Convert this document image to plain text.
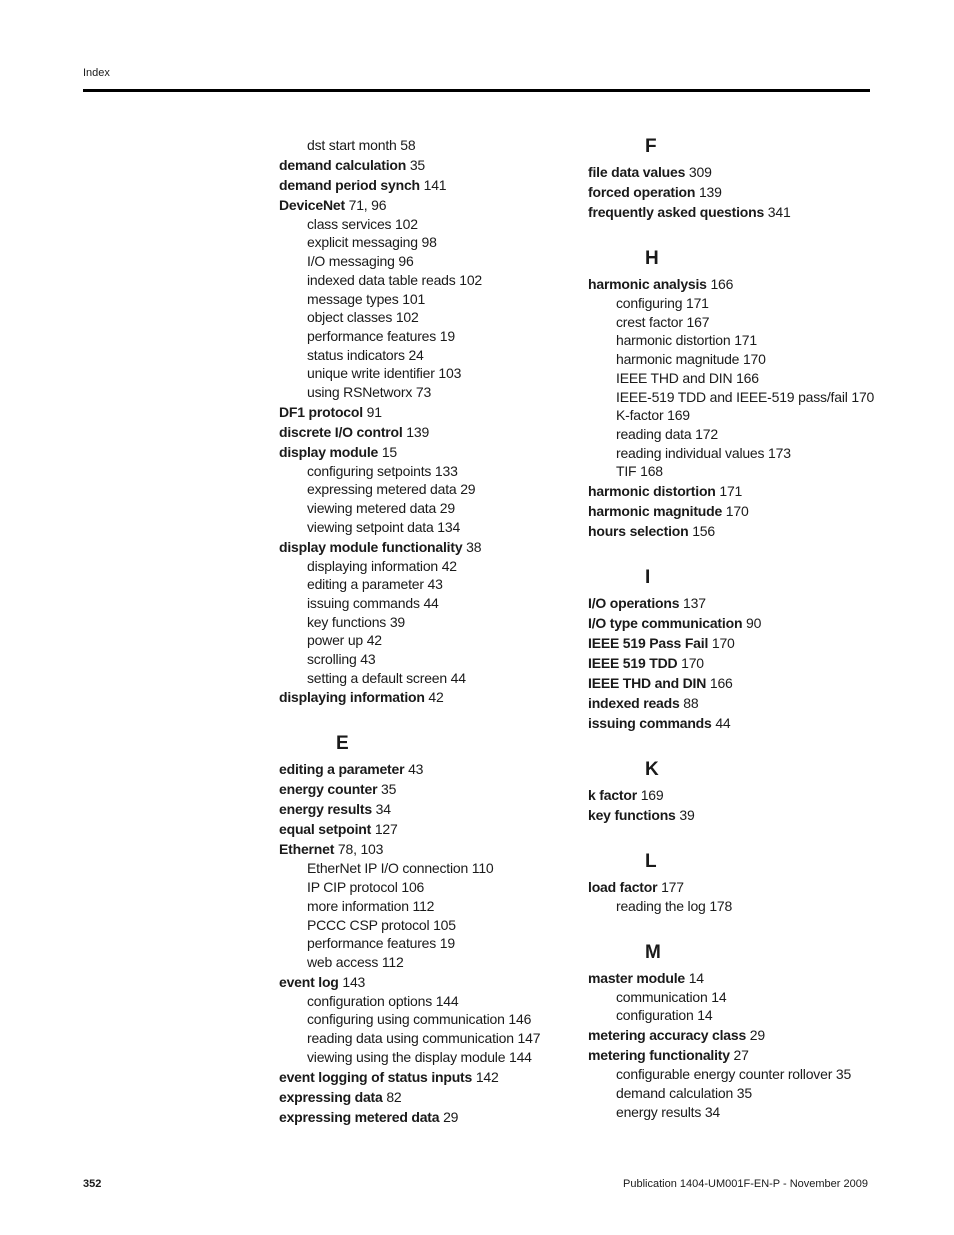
Index
dst start month 58
demand calculation 35
demand period synch 141
DeviceNet 71, 96
class services 102
explicit messaging 98
I/O messaging 96
indexed data table reads 102
message types 101
object classes 102
performance features 19
status indicators 24
unique write identifier 103
using RSNetworx 73
DF1 protocol 91
discrete I/O control 139
display module 15
configuring setpoints 133
expressing metered data 29
viewing metered data 29
viewing setpoint data 134
display module functionality 38
displaying information 42
editing a parameter 43
issuing commands 44
key functions 39
power up 42
scrolling 43
setting a default screen 44
displaying information 42
E
editing a parameter 43
energy counter 35
energy results 34
equal setpoint 127
Ethernet 78, 103
EtherNet IP I/O connection 110
IP CIP protocol 106
more information 112
PCCC CSP protocol 105
performance features 19
web access 112
event log 143
configuration options 144
configuring using communication 146
reading data using communication 147
viewing using the display module 144
event logging of status inputs 142
expressing data 82
expressing metered data 29
F
file data values 309
forced operation 139
frequently asked questions 341
H
harmonic analysis 166
configuring 171
crest factor 167
harmonic distortion 171
harmonic magnitude 170
IEEE THD and DIN 166
IEEE-519 TDD and IEEE-519 pass/fail 170
K-factor 169
reading data 172
reading individual values 173
TIF 168
harmonic distortion 171
harmonic magnitude 170
hours selection 156
I
I/O operations 137
I/O type communication 90
IEEE 519 Pass Fail 170
IEEE 519 TDD 170
IEEE THD and DIN 166
indexed reads 88
issuing commands 44
K
k factor 169
key functions 39
L
load factor 177
reading the log 178
M
master module 14
communication 14
configuration 14
metering accuracy class 29
metering functionality 27
configurable energy counter rollover 35
demand calculation 35
energy results 34
352	Publication 1404-UM001F-EN-P - November 2009
